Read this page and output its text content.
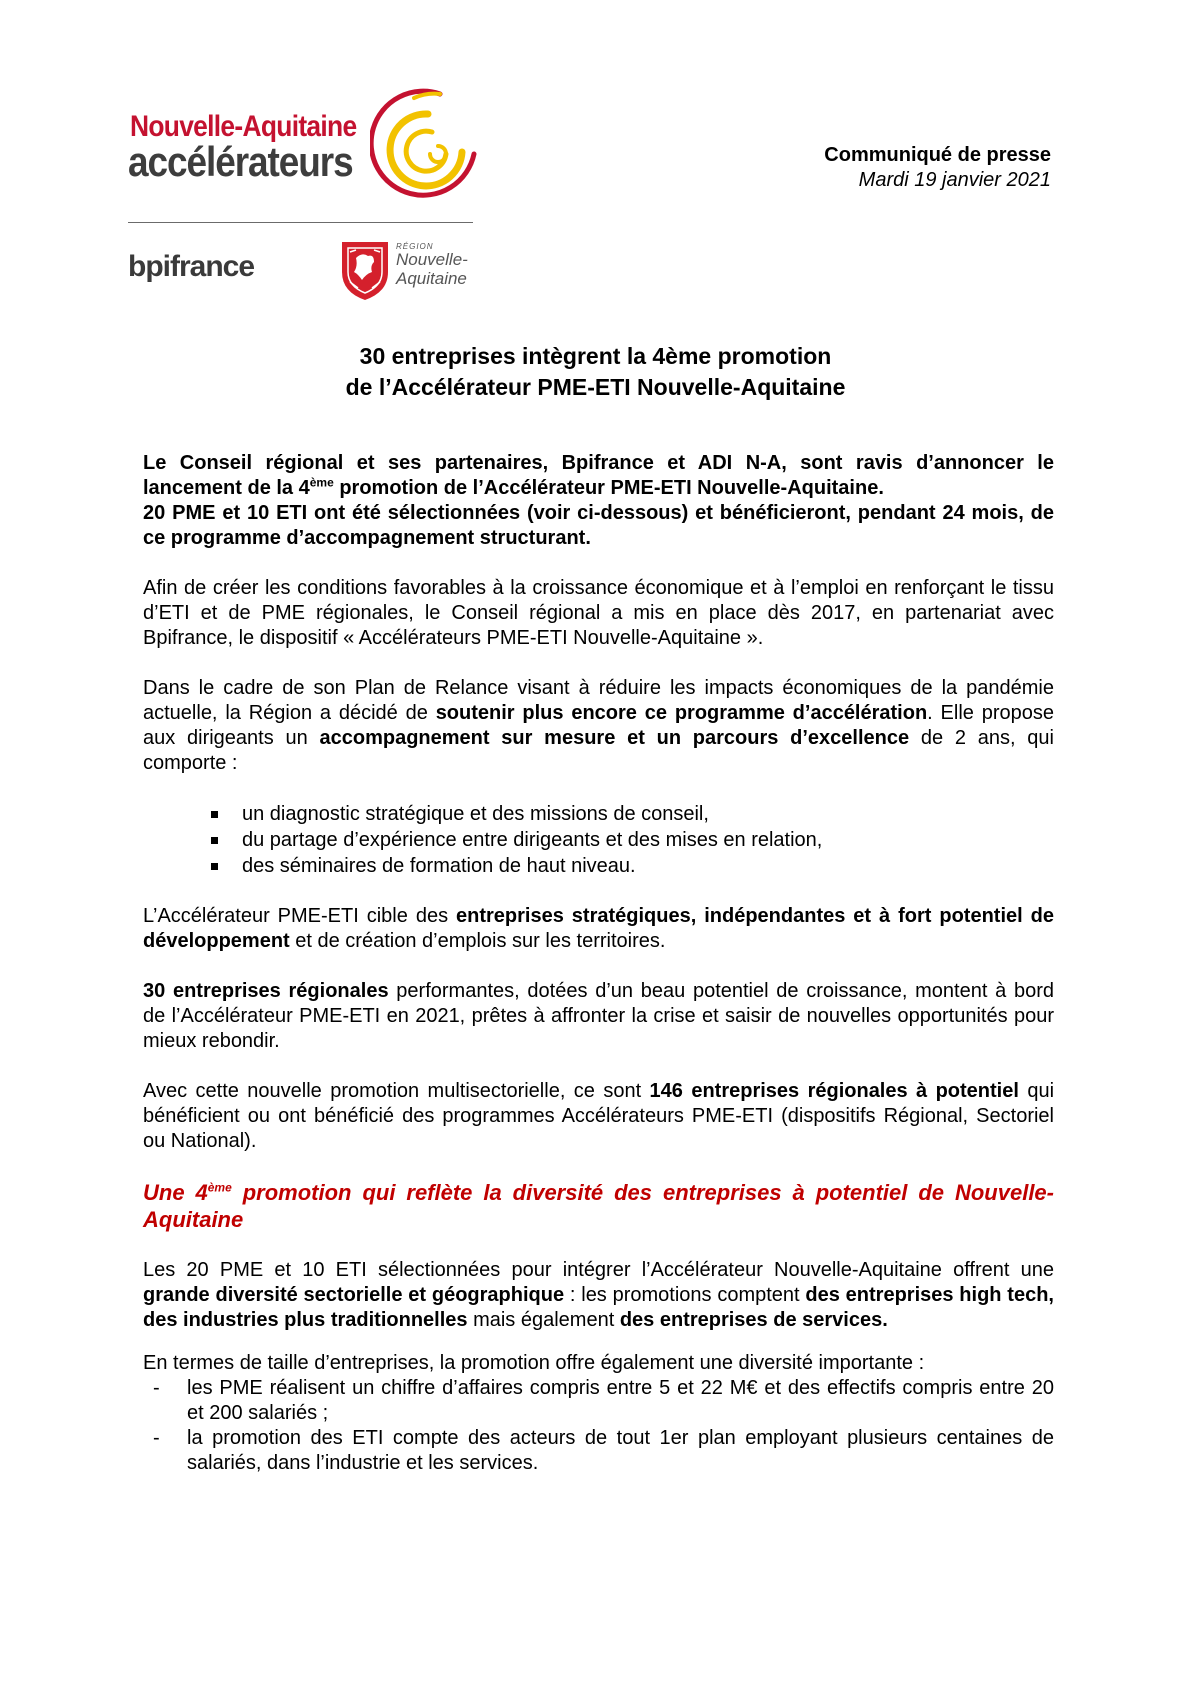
Nouvelle-Aquitaine
accélérateurs
bpifrance
RÉGION
Nouvelle-
Aquitaine
Communiqué de presse
Mardi 19 janvier 2021
30 entreprises intègrent la 4ème promotion
de l’Accélérateur PME-ETI Nouvelle-Aquitaine

Le Conseil régional et ses partenaires, Bpifrance et ADI N-A, sont ravis d’annoncer le lancement de la 4ème promotion de l’Accélérateur PME-ETI Nouvelle-Aquitaine.
20 PME et 10 ETI ont été sélectionnées (voir ci-dessous) et bénéficieront, pendant 24 mois, de ce programme d’accompagnement structurant.

Afin de créer les conditions favorables à la croissance économique et à l’emploi en renforçant le tissu d’ETI et de PME régionales, le Conseil régional a mis en place dès 2017, en partenariat avec Bpifrance, le dispositif « Accélérateurs PME-ETI Nouvelle-Aquitaine ».

Dans le cadre de son Plan de Relance visant à réduire les impacts économiques de la pandémie actuelle, la Région a décidé de soutenir plus encore ce programme d’accélération. Elle propose aux dirigeants un accompagnement sur mesure et un parcours d’excellence de 2 ans, qui comporte :

un diagnostic stratégique et des missions de conseil,
du partage d’expérience entre dirigeants et des mises en relation,
des séminaires de formation de haut niveau.

L’Accélérateur PME-ETI cible des entreprises stratégiques, indépendantes et à fort potentiel de développement et de création d’emplois sur les territoires.

30 entreprises régionales performantes, dotées d’un beau potentiel de croissance, montent à bord de l’Accélérateur PME-ETI en 2021, prêtes à affronter la crise et saisir de nouvelles opportunités pour mieux rebondir.

Avec cette nouvelle promotion multisectorielle, ce sont 146 entreprises régionales à potentiel qui bénéficient ou ont bénéficié des programmes Accélérateurs PME-ETI (dispositifs Régional, Sectoriel ou National).

Une 4ème promotion qui reflète la diversité des entreprises à potentiel de Nouvelle-Aquitaine

Les 20 PME et 10 ETI sélectionnées pour intégrer l’Accélérateur Nouvelle-Aquitaine offrent une grande diversité sectorielle et géographique : les promotions comptent des entreprises high tech, des industries plus traditionnelles mais également des entreprises de services.

En termes de taille d’entreprises, la promotion offre également une diversité importante :

- les PME réalisent un chiffre d’affaires compris entre 5 et 22 M€ et des effectifs compris entre 20 et 200 salariés ;
- la promotion des ETI compte des acteurs de tout 1er plan employant plusieurs centaines de salariés, dans l’industrie et les services.
